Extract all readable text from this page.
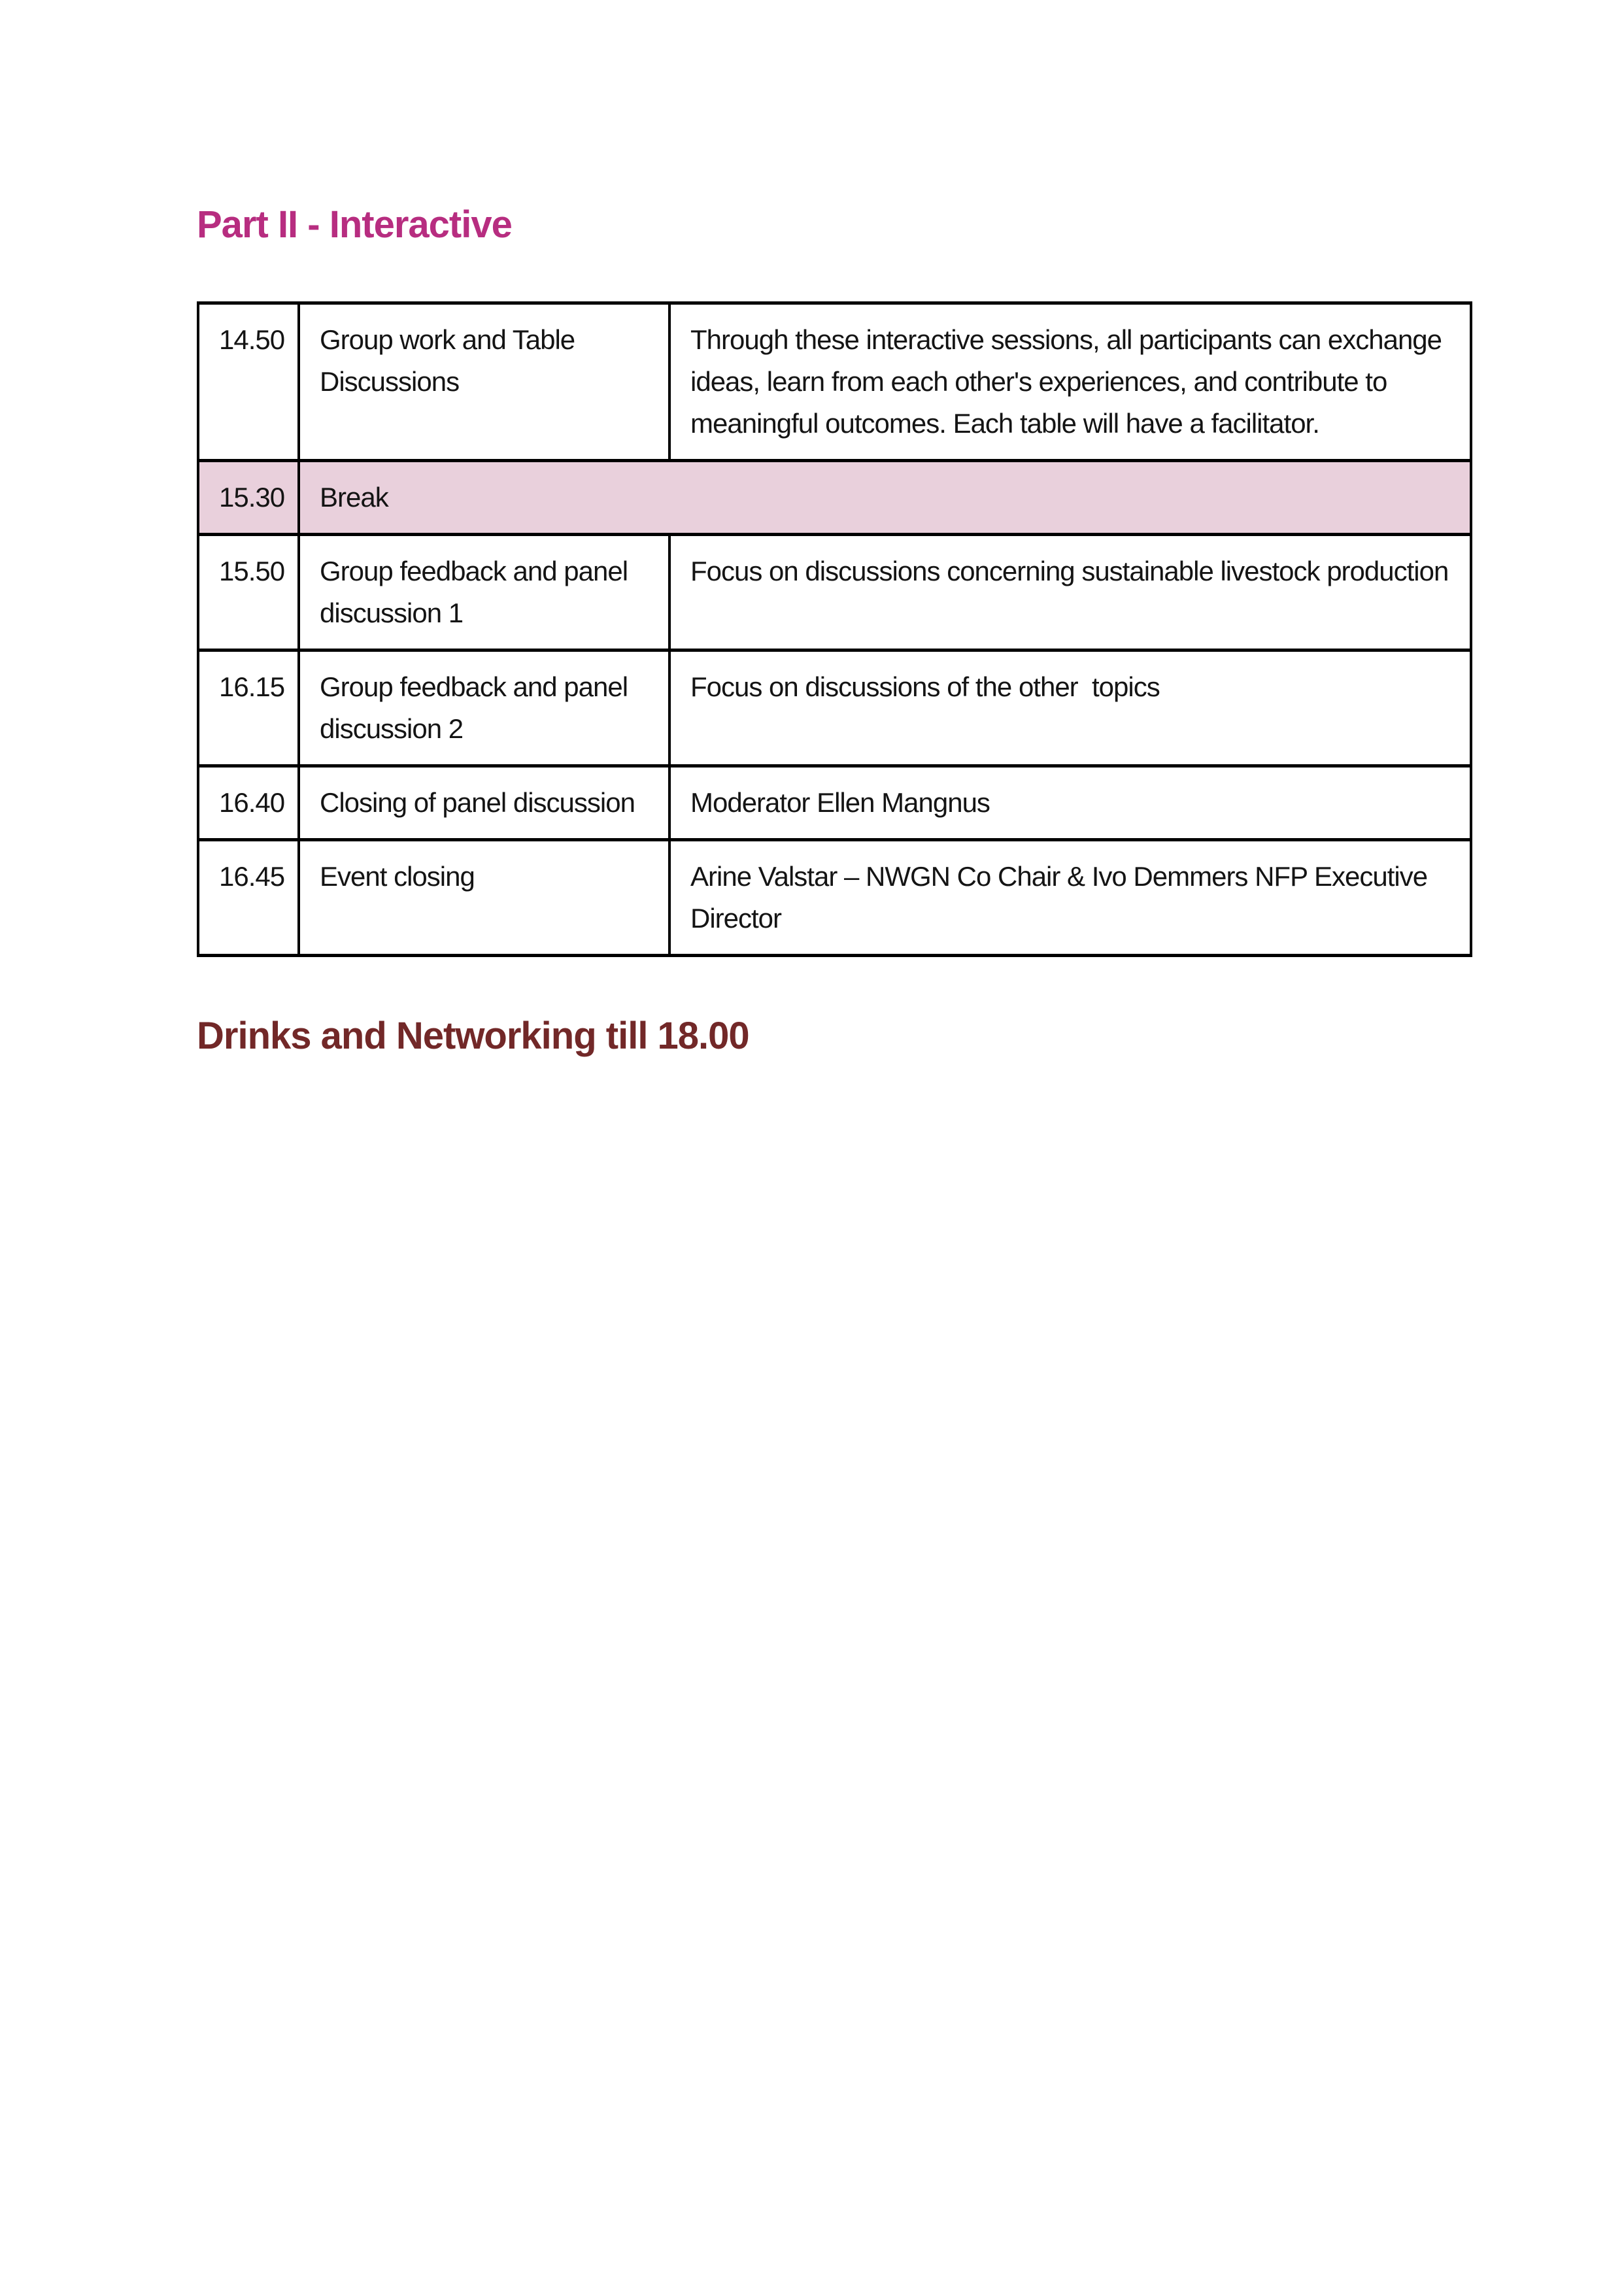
Part II - Interactive
14.50	Group work and Table Discussions	Through these interactive sessions, all participants can exchange ideas, learn from each other's experiences, and contribute to meaningful outcomes. Each table will have a facilitator.
15.30	Break	
15.50	Group feedback and panel discussion 1	Focus on discussions concerning sustainable livestock production
16.15	Group feedback and panel discussion 2	Focus on discussions of the other  topics
16.40	Closing of panel discussion	Moderator Ellen Mangnus
16.45	Event closing	Arine Valstar – NWGN Co Chair & Ivo Demmers NFP Executive Director
Drinks and Networking till 18.00
